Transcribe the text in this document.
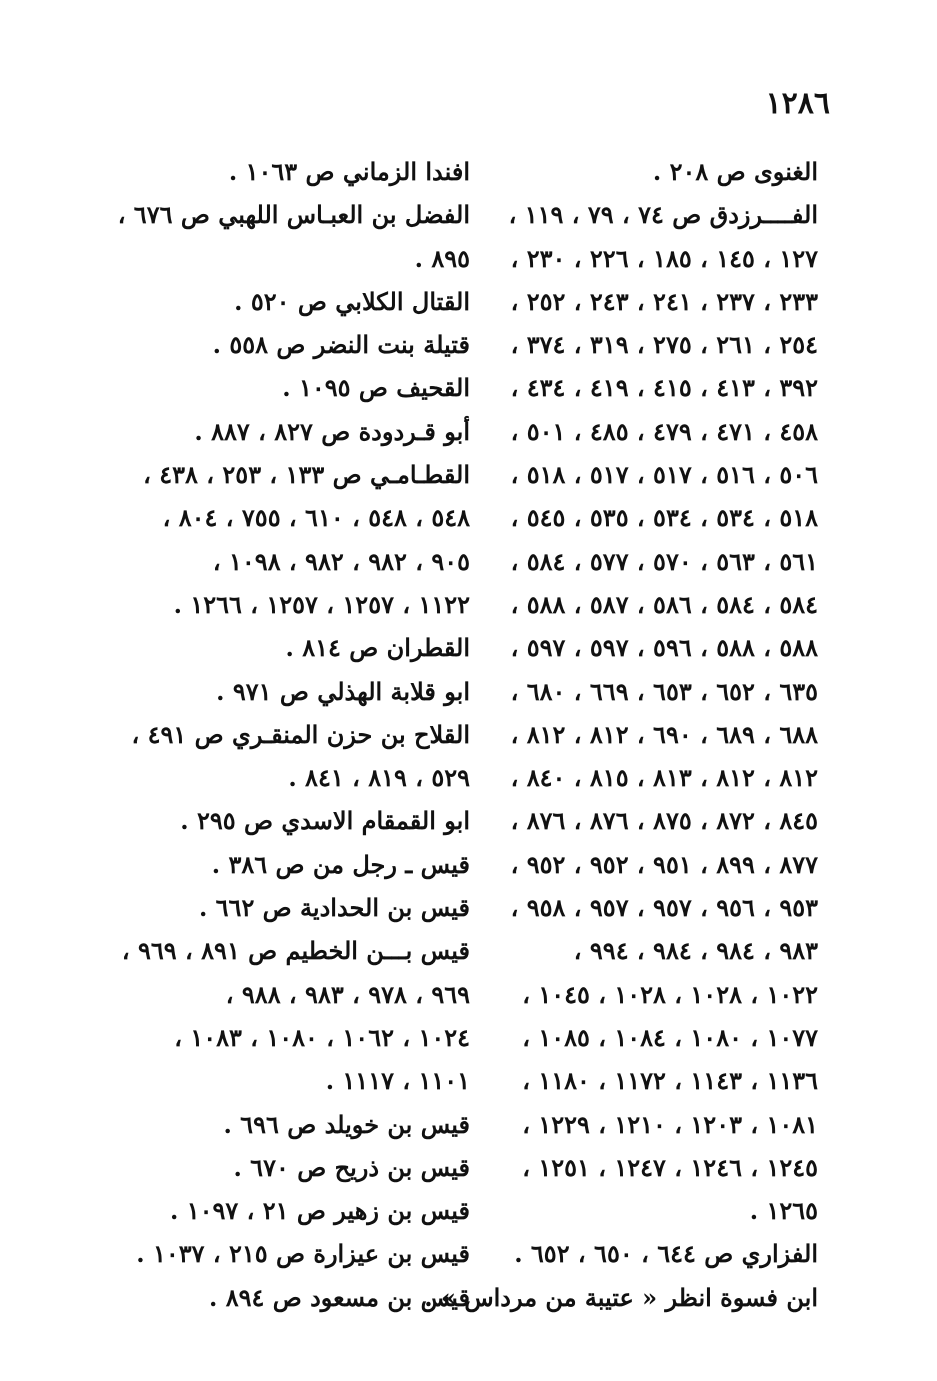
١٢٨٦
الغنوى ص ٢٠٨ .
الفــــرزدق ص ٧٤ ، ٧٩ ، ١١٩ ،
١٢٧ ، ١٤٥ ، ١٨٥ ، ٢٢٦ ، ٢٣٠ ،
٢٣٣ ، ٢٣٧ ، ٢٤١ ، ٢٤٣ ، ٢٥٢ ،
٢٥٤ ، ٢٦١ ، ٢٧٥ ، ٣١٩ ، ٣٧٤ ،
٣٩٢ ، ٤١٣ ، ٤١٥ ، ٤١٩ ، ٤٣٤ ،
٤٥٨ ، ٤٧١ ، ٤٧٩ ، ٤٨٥ ، ٥٠١ ،
٥٠٦ ، ٥١٦ ، ٥١٧ ، ٥١٧ ، ٥١٨ ،
٥١٨ ، ٥٣٤ ، ٥٣٤ ، ٥٣٥ ، ٥٤٥ ،
٥٦١ ، ٥٦٣ ، ٥٧٠ ، ٥٧٧ ، ٥٨٤ ،
٥٨٤ ، ٥٨٤ ، ٥٨٦ ، ٥٨٧ ، ٥٨٨ ،
٥٨٨ ، ٥٨٨ ، ٥٩٦ ، ٥٩٧ ، ٥٩٧ ،
٦٣٥ ، ٦٥٢ ، ٦٥٣ ، ٦٦٩ ، ٦٨٠ ،
٦٨٨ ، ٦٨٩ ، ٦٩٠ ، ٨١٢ ، ٨١٢ ،
٨١٢ ، ٨١٢ ، ٨١٣ ، ٨١٥ ، ٨٤٠ ،
٨٤٥ ، ٨٧٢ ، ٨٧٥ ، ٨٧٦ ، ٨٧٦ ،
٨٧٧ ، ٨٩٩ ، ٩٥١ ، ٩٥٢ ، ٩٥٢ ،
٩٥٣ ، ٩٥٦ ، ٩٥٧ ، ٩٥٧ ، ٩٥٨ ،
٩٨٣ ، ٩٨٤ ، ٩٨٤ ، ٩٩٤ ،
١٠٢٢ ، ١٠٢٨ ، ١٠٢٨ ، ١٠٤٥ ،
١٠٧٧ ، ١٠٨٠ ، ١٠٨٤ ، ١٠٨٥ ،
١١٣٦ ، ١١٤٣ ، ١١٧٢ ، ١١٨٠ ،
١٠٨١ ، ١٢٠٣ ، ١٢١٠ ، ١٢٢٩ ،
١٢٤٥ ، ١٢٤٦ ، ١٢٤٧ ، ١٢٥١ ،
١٢٦٥ .
الفزاري ص ٦٤٤ ، ٦٥٠ ، ٦٥٢ .
ابن فسوة انظر « عتيبة من مرداس » .
افندا الزماني ص ١٠٦٣ .
الفضل بن العبـاس اللهبي ص ٦٧٦ ،
٨٩٥ .
القتال الكلابي ص ٥٢٠ .
قتيلة بنت النضر ص ٥٥٨ .
القحيف ص ١٠٩٥ .
أبو قـردودة ص ٨٢٧ ، ٨٨٧ .
القطـامـي ص ١٣٣ ، ٢٥٣ ، ٤٣٨ ،
٥٤٨ ، ٥٤٨ ، ٦١٠ ، ٧٥٥ ، ٨٠٤ ،
٩٠٥ ، ٩٨٢ ، ٩٨٢ ، ١٠٩٨ ،
١١٢٢ ، ١٢٥٧ ، ١٢٥٧ ، ١٢٦٦ .
القطران ص ٨١٤ .
ابو قلابة الهذلي ص ٩٧١ .
القلاح بن حزن المنقـري ص ٤٩١ ،
٥٢٩ ، ٨١٩ ، ٨٤١ .
ابو القمقام الاسدي ص ٢٩٥ .
قيس ـ رجل من ص ٣٨٦ .
قيس بن الحدادية ص ٦٦٢ .
قيس بـــن الخطيم ص ٨٩١ ، ٩٦٩ ،
٩٦٩ ، ٩٧٨ ، ٩٨٣ ، ٩٨٨ ،
١٠٢٤ ، ١٠٦٢ ، ١٠٨٠ ، ١٠٨٣ ،
١١٠١ ، ١١١٧ .
قيس بن خويلد ص ٦٩٦ .
قيس بن ذريح ص ٦٧٠ .
قيس بن زهير ص ٢١ ، ١٠٩٧ .
قيس بن عيزارة ص ٢١٥ ، ١٠٣٧ .
قيس بن مسعود ص ٨٩٤ .
